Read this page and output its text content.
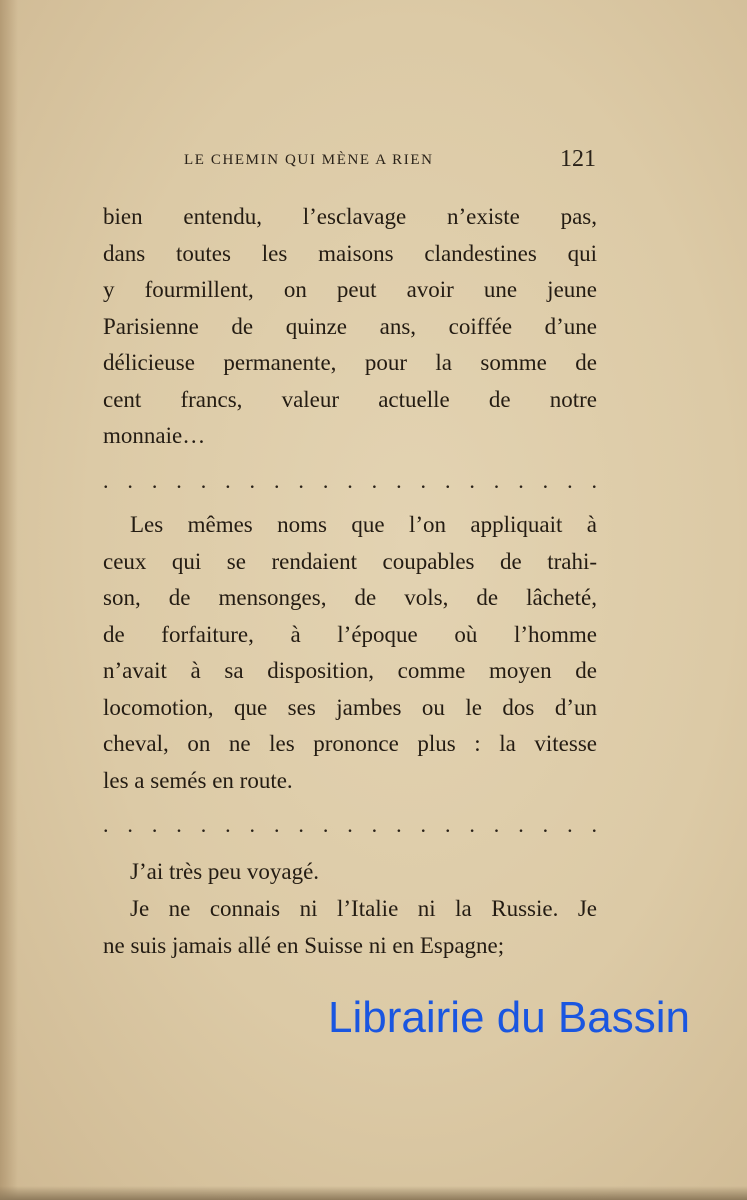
LE CHEMIN QUI MÈNE A RIEN	121
bien entendu, l’esclavage n’existe pas,
dans toutes les maisons clandestines qui
y fourmillent, on peut avoir une jeune
Parisienne de quinze ans, coiffée d’une
délicieuse permanente, pour la somme de
cent francs, valeur actuelle de notre
monnaie…
. . . . . . . . . . . . . . . . . . . . .
Les mêmes noms que l’on appliquait à
ceux qui se rendaient coupables de trahi-
son, de mensonges, de vols, de lâcheté,
de forfaiture, à l’époque où l’homme
n’avait à sa disposition, comme moyen de
locomotion, que ses jambes ou le dos d’un
cheval, on ne les prononce plus : la vitesse
les a semés en route.
. . . . . . . . . . . . . . . . . . . . .
J’ai très peu voyagé.
Je ne connais ni l’Italie ni la Russie. Je
ne suis jamais allé en Suisse ni en Espagne;
Librairie du Bassin
